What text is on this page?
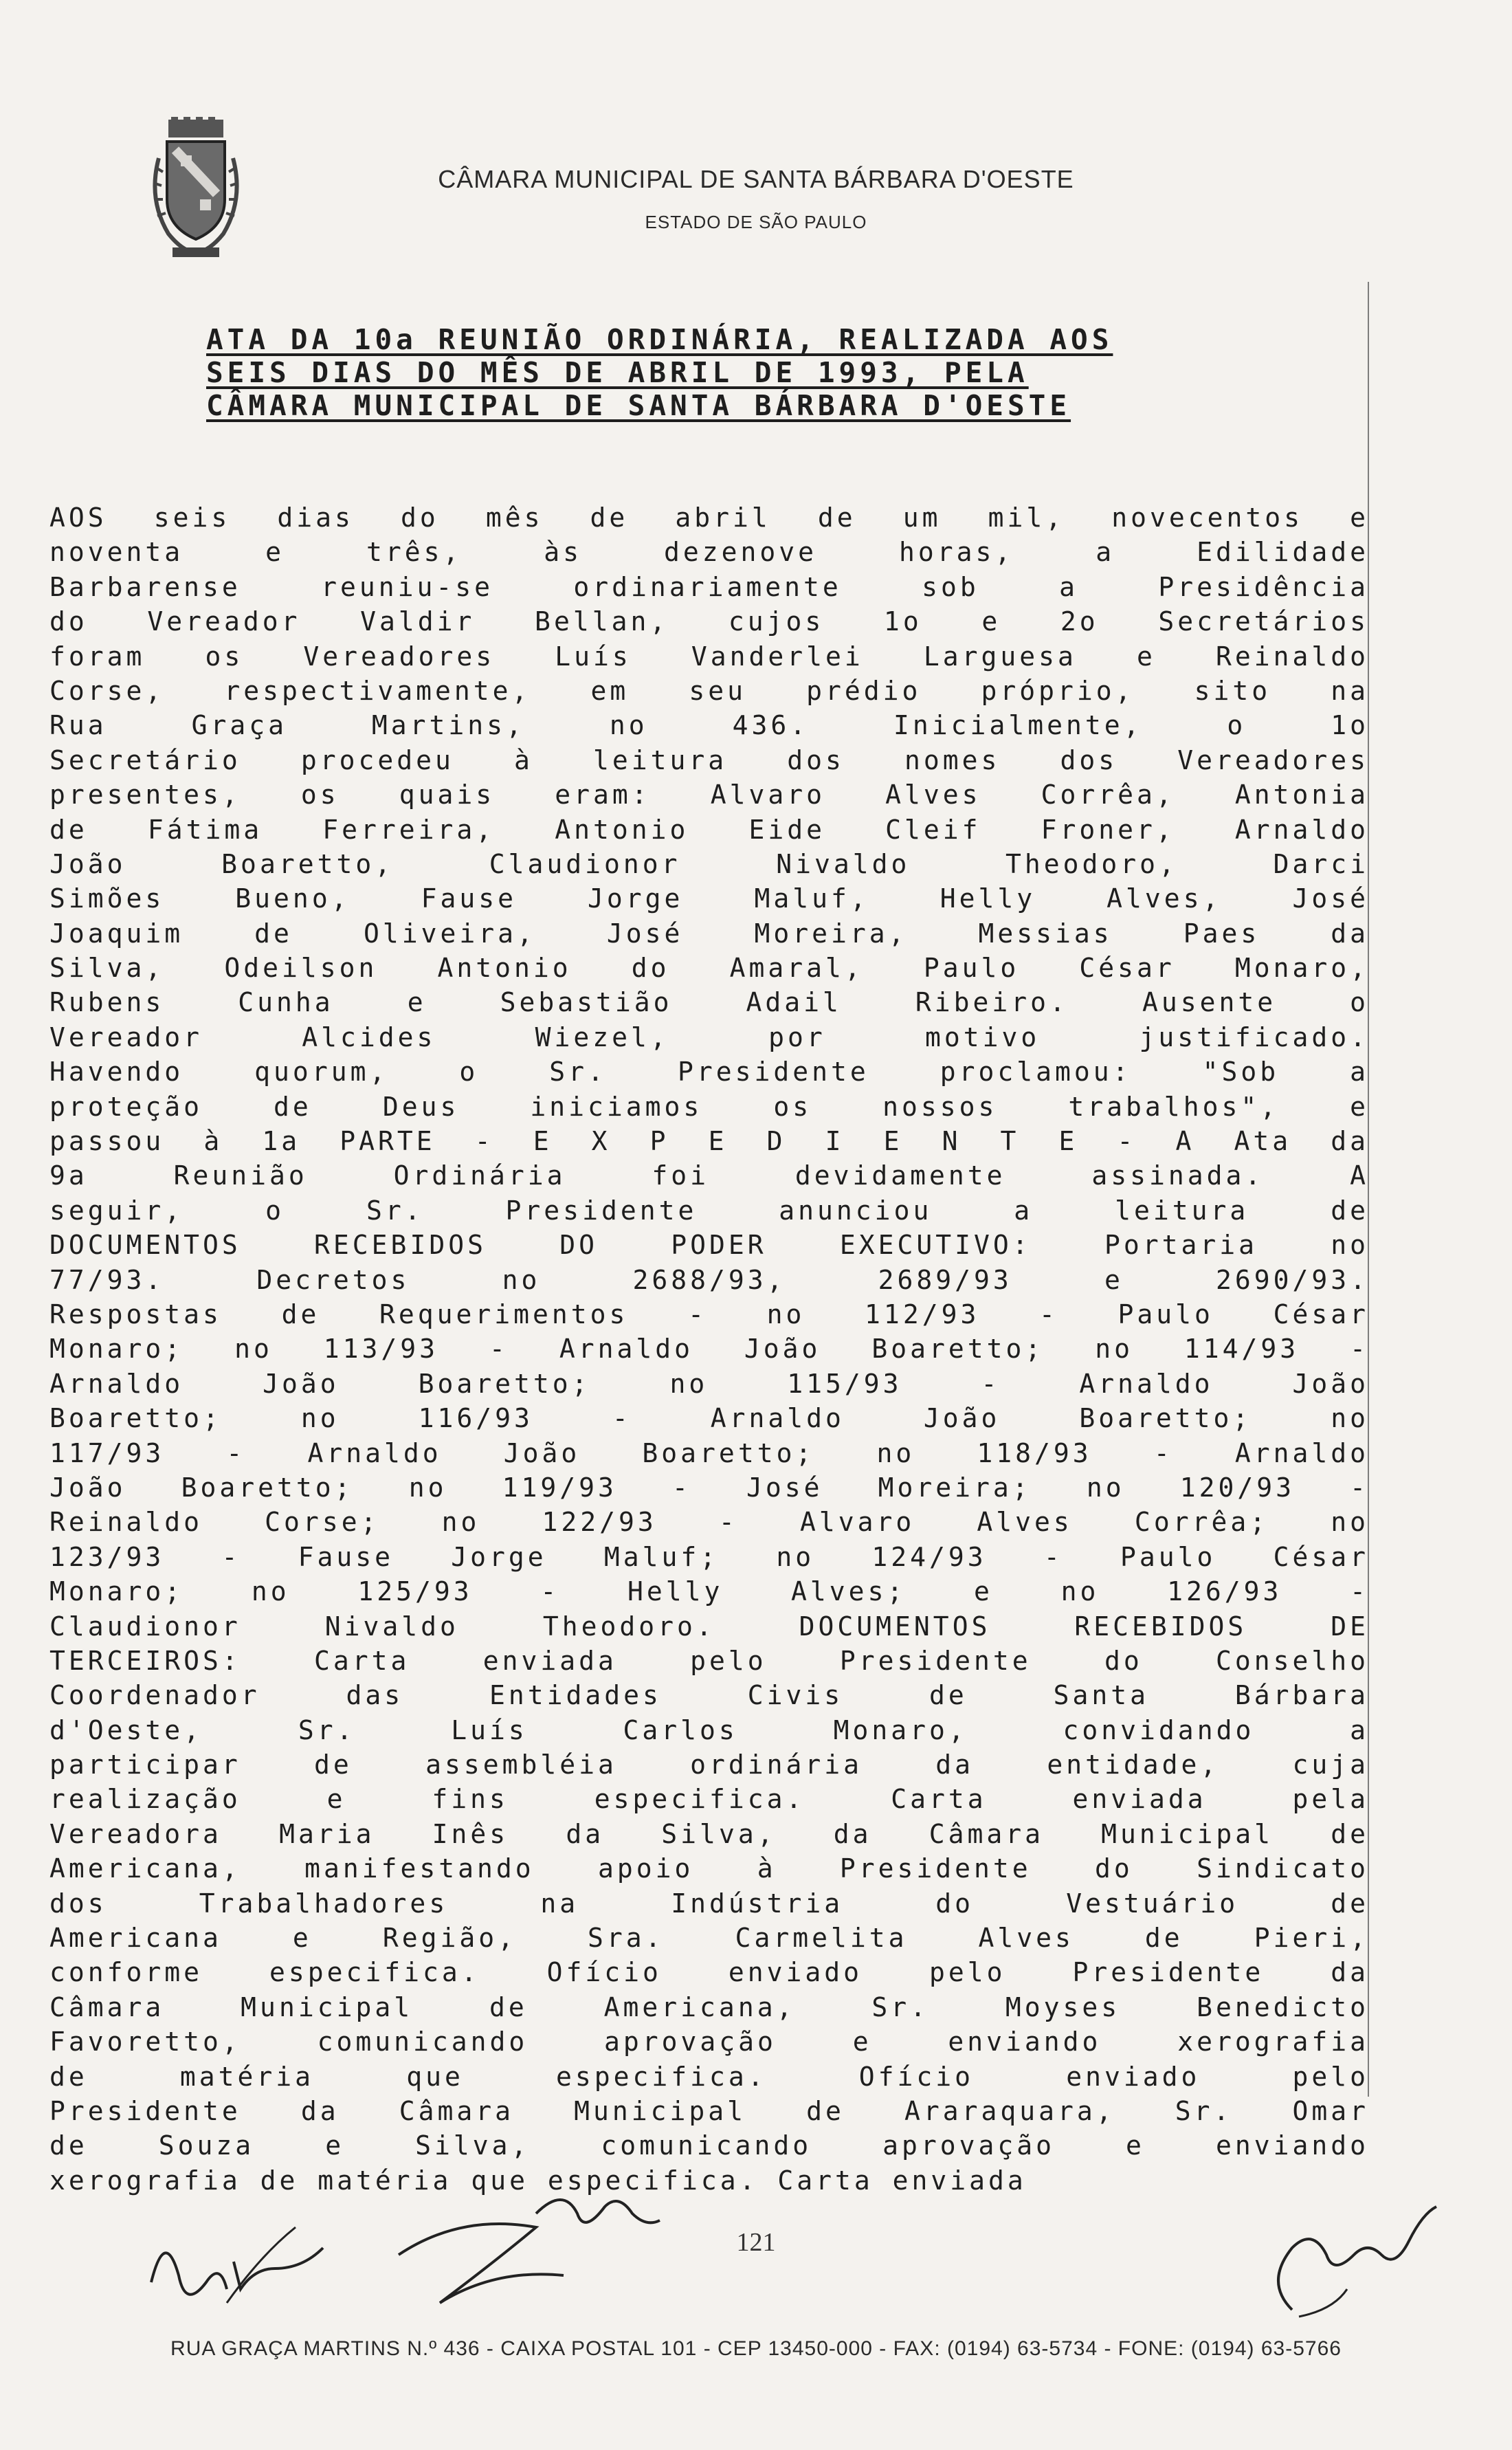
CÂMARA MUNICIPAL DE SANTA BÁRBARA D'OESTE
ESTADO DE SÃO PAULO
ATA DA 10a REUNIÃO ORDINÁRIA, REALIZADA AOS
SEIS DIAS DO MÊS DE ABRIL DE 1993, PELA
CÂMARA MUNICIPAL DE SANTA BÁRBARA D'OESTE
AOS seis dias do mês de abril de um mil, novecentos e
noventa e três, às dezenove horas, a Edilidade
Barbarense reuniu-se ordinariamente sob a Presidência
do Vereador Valdir Bellan, cujos 1o e 2o Secretários
foram os Vereadores Luís Vanderlei Larguesa e Reinaldo
Corse, respectivamente, em seu prédio próprio, sito na
Rua Graça Martins, no 436. Inicialmente, o 1o
Secretário procedeu à leitura dos nomes dos Vereadores
presentes, os quais eram: Alvaro Alves Corrêa, Antonia
de Fátima Ferreira, Antonio Eide Cleif Froner, Arnaldo
João Boaretto, Claudionor Nivaldo Theodoro, Darci
Simões Bueno, Fause Jorge Maluf, Helly Alves, José
Joaquim de Oliveira, José Moreira, Messias Paes da
Silva, Odeilson Antonio do Amaral, Paulo César Monaro,
Rubens Cunha e Sebastião Adail Ribeiro. Ausente o
Vereador Alcides Wiezel, por motivo justificado.
Havendo quorum, o Sr. Presidente proclamou: "Sob a
proteção de Deus iniciamos os nossos trabalhos", e
passou à 1a PARTE - E X P E D I E N T E - A Ata da
9a Reunião Ordinária foi devidamente assinada. A
seguir, o Sr. Presidente anunciou a leitura de
DOCUMENTOS RECEBIDOS DO PODER EXECUTIVO: Portaria no
77/93. Decretos no 2688/93, 2689/93 e 2690/93.
Respostas de Requerimentos - no 112/93 - Paulo César
Monaro; no 113/93 - Arnaldo João Boaretto; no 114/93 -
Arnaldo João Boaretto; no 115/93 - Arnaldo João
Boaretto; no 116/93 - Arnaldo João Boaretto; no
117/93 - Arnaldo João Boaretto; no 118/93 - Arnaldo
João Boaretto; no 119/93 - José Moreira; no 120/93 -
Reinaldo Corse; no 122/93 - Alvaro Alves Corrêa; no
123/93 - Fause Jorge Maluf; no 124/93 - Paulo César
Monaro; no 125/93 - Helly Alves; e no 126/93 -
Claudionor Nivaldo Theodoro. DOCUMENTOS RECEBIDOS DE
TERCEIROS: Carta enviada pelo Presidente do Conselho
Coordenador das Entidades Civis de Santa Bárbara
d'Oeste, Sr. Luís Carlos Monaro, convidando a
participar de assembléia ordinária da entidade, cuja
realização e fins especifica. Carta enviada pela
Vereadora Maria Inês da Silva, da Câmara Municipal de
Americana, manifestando apoio à Presidente do Sindicato
dos Trabalhadores na Indústria do Vestuário de
Americana e Região, Sra. Carmelita Alves de Pieri,
conforme especifica. Ofício enviado pelo Presidente da
Câmara Municipal de Americana, Sr. Moyses Benedicto
Favoretto, comunicando aprovação e enviando xerografia
de matéria que especifica. Ofício enviado pelo
Presidente da Câmara Municipal de Araraquara, Sr. Omar
de Souza e Silva, comunicando aprovação e enviando
xerografia de matéria que especifica. Carta enviada
121
RUA GRAÇA MARTINS N.º 436 - CAIXA POSTAL 101 - CEP 13450-000 - FAX: (0194) 63-5734 - FONE: (0194) 63-5766
